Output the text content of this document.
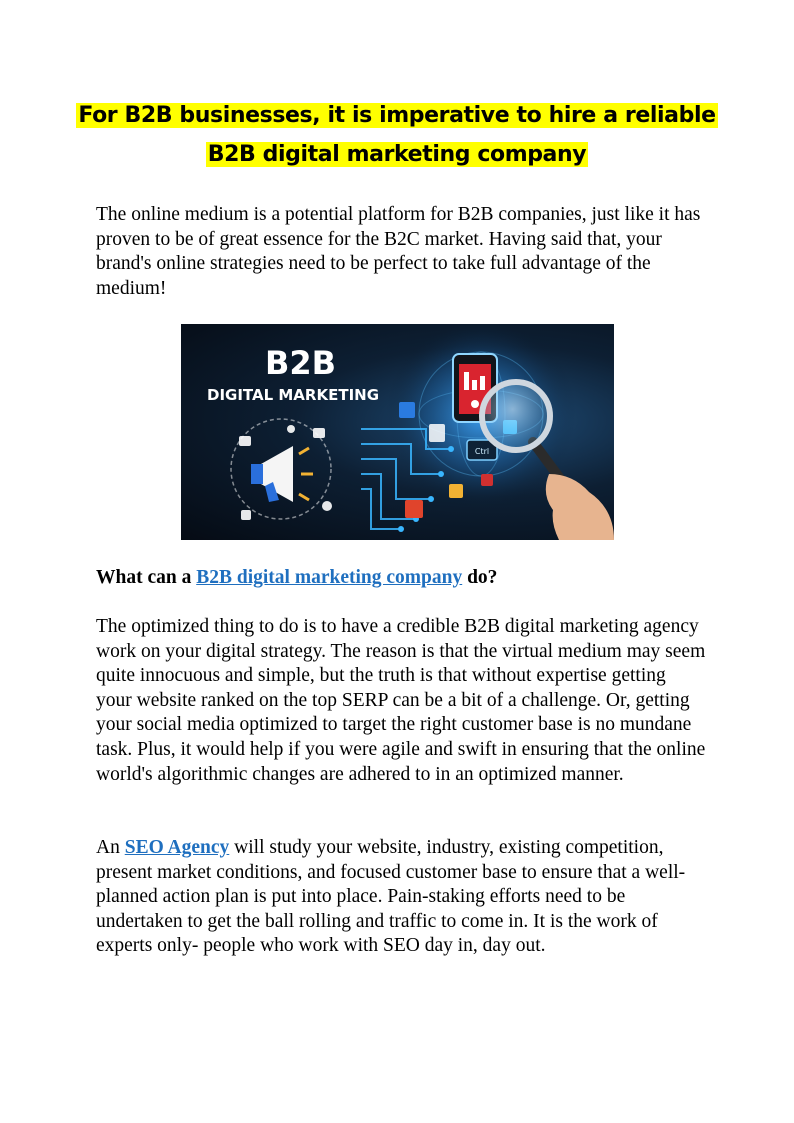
For B2B businesses, it is imperative to hire a reliable
B2B digital marketing company

The online medium is a potential platform for B2B companies, just like it has proven to be of great essence for the B2C market. Having said that, your brand's online strategies need to be perfect to take full advantage of the medium!

B2B
DIGITAL MARKETING
Ctrl
What can a B2B digital marketing company do?

The optimized thing to do is to have a credible B2B digital marketing agency work on your digital strategy. The reason is that the virtual medium may seem quite innocuous and simple, but the truth is that without expertise getting your website ranked on the top SERP can be a bit of a challenge. Or, getting your social media optimized to target the right customer base is no mundane task. Plus, it would help if you were agile and swift in ensuring that the online world's algorithmic changes are adhered to in an optimized manner.

An SEO Agency will study your website, industry, existing competition, present market conditions, and focused customer base to ensure that a well-planned action plan is put into place. Pain-staking efforts need to be undertaken to get the ball rolling and traffic to come in. It is the work of experts only- people who work with SEO day in, day out.
